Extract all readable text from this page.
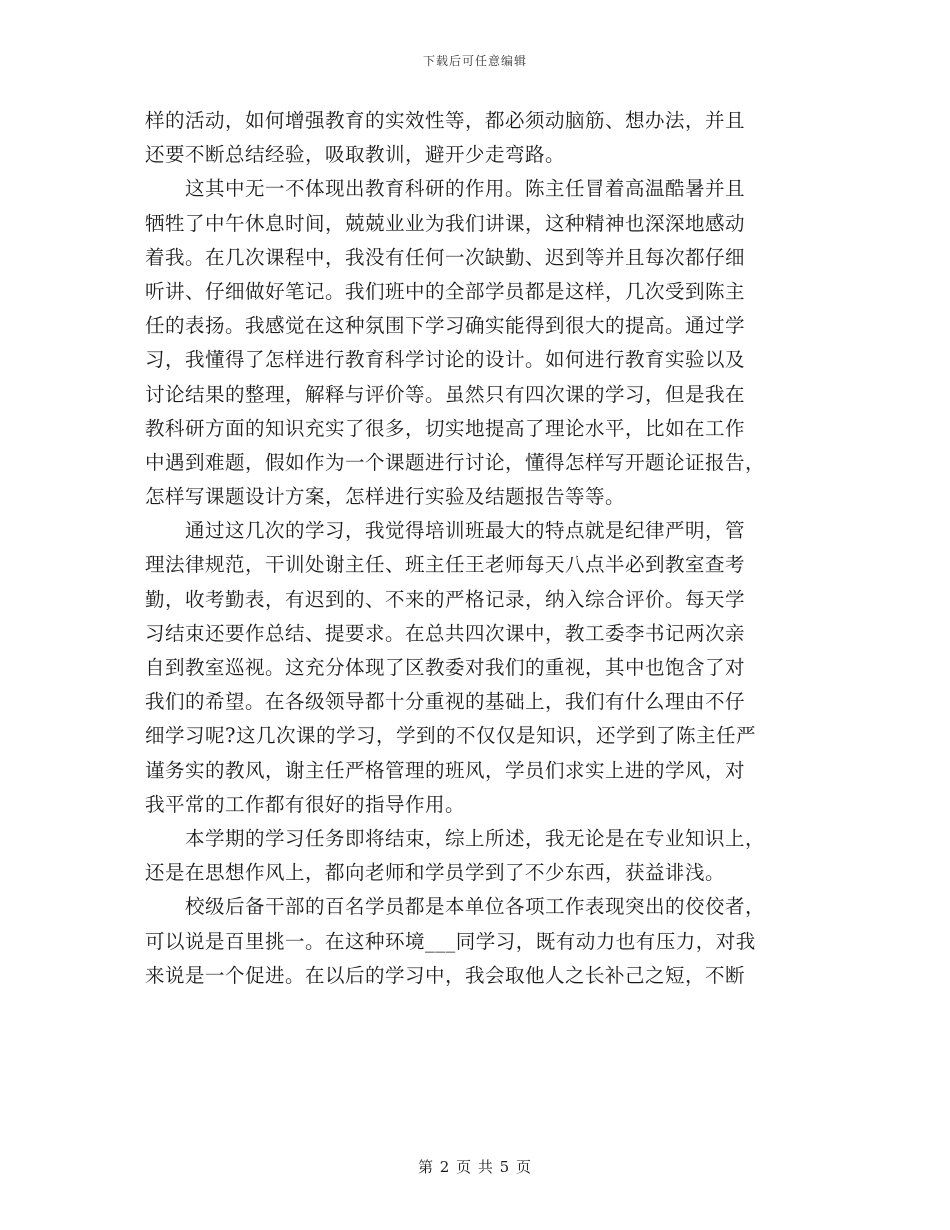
下载后可任意编辑
样的活动，如何增强教育的实效性等，都必须动脑筋、想办法，并且
还要不断总结经验，吸取教训，避开少走弯路。
这其中无一不体现出教育科研的作用。陈主任冒着高温酷暑并且
牺牲了中午休息时间，兢兢业业为我们讲课，这种精神也深深地感动
着我。在几次课程中，我没有任何一次缺勤、迟到等并且每次都仔细
听讲、仔细做好笔记。我们班中的全部学员都是这样，几次受到陈主
任的表扬。我感觉在这种氛围下学习确实能得到很大的提高。通过学
习，我懂得了怎样进行教育科学讨论的设计。如何进行教育实验以及
讨论结果的整理，解释与评价等。虽然只有四次课的学习，但是我在
教科研方面的知识充实了很多，切实地提高了理论水平，比如在工作
中遇到难题，假如作为一个课题进行讨论，懂得怎样写开题论证报告，
怎样写课题设计方案，怎样进行实验及结题报告等等。
通过这几次的学习，我觉得培训班最大的特点就是纪律严明，管
理法律规范，干训处谢主任、班主任王老师每天八点半必到教室查考
勤，收考勤表，有迟到的、不来的严格记录，纳入综合评价。每天学
习结束还要作总结、提要求。在总共四次课中，教工委李书记两次亲
自到教室巡视。这充分体现了区教委对我们的重视，其中也饱含了对
我们的希望。在各级领导都十分重视的基础上，我们有什么理由不仔
细学习呢?这几次课的学习，学到的不仅仅是知识，还学到了陈主任严
谨务实的教风，谢主任严格管理的班风，学员们求实上进的学风，对
我平常的工作都有很好的指导作用。
本学期的学习任务即将结束，综上所述，我无论是在专业知识上，
还是在思想作风上，都向老师和学员学到了不少东西，获益诽浅。
校级后备干部的百名学员都是本单位各项工作表现突出的佼佼者，
可以说是百里挑一。在这种环境___同学习，既有动力也有压力，对我
来说是一个促进。在以后的学习中，我会取他人之长补己之短，不断
第 2 页 共 5 页
